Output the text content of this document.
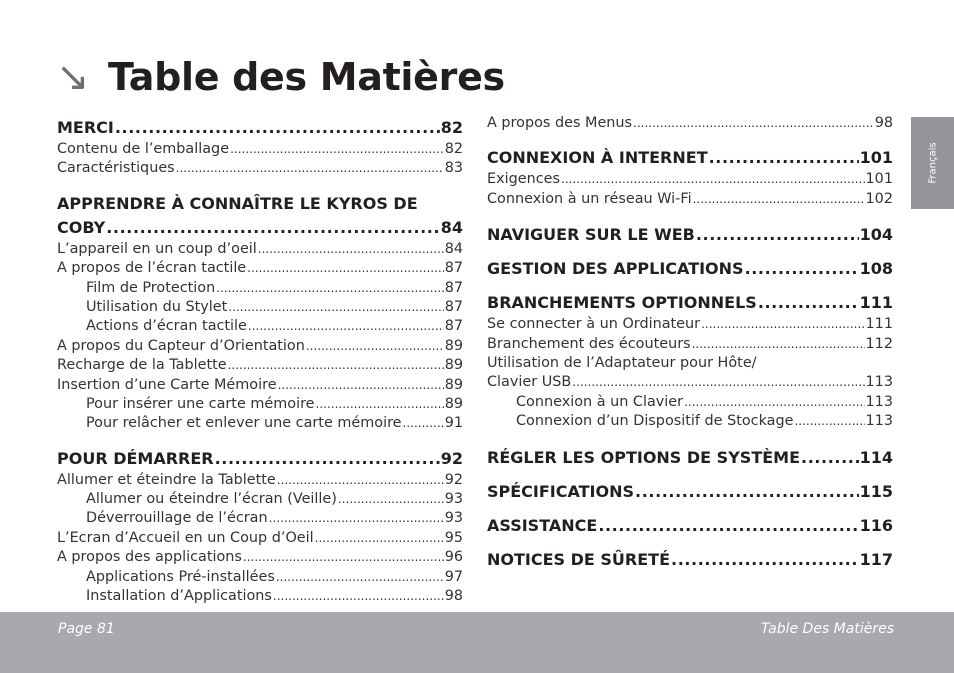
↘ Table des Matières
Français
MERCI .....	82
Contenu de l’emballage .....	82
Caractéristiques .....	83
APPRENDRE À CONNAÎTRE LE KYROS DE
COBY .....	84
L’appareil en un coup d’oeil .....	84
A propos de l’écran tactile .....	87
Film de Protection .....	87
Utilisation du Stylet .....	87
Actions d’écran tactile .....	87
A propos du Capteur d’Orientation .....	89
Recharge de la Tablette .....	89
Insertion d’une Carte Mémoire .....	89
Pour insérer une carte mémoire .....	89
Pour relâcher et enlever une carte mémoire .....	91
POUR DÉMARRER .....	92
Allumer et éteindre la Tablette .....	92
Allumer ou éteindre l’écran (Veille) .....	93
Déverrouillage de l’écran .....	93
L’Ecran d’Accueil en un Coup d’Oeil .....	95
A propos des applications .....	96
Applications Pré-installées .....	97
Installation d’Applications .....	98
A propos des Menus .....	98
CONNEXION À INTERNET .....	101
Exigences .....	101
Connexion à un réseau Wi-Fi .....	102
NAVIGUER SUR LE WEB .....	104
GESTION DES APPLICATIONS .....	108
BRANCHEMENTS OPTIONNELS .....	111
Se connecter à un Ordinateur .....	111
Branchement des écouteurs .....	112
Utilisation de l’Adaptateur pour Hôte/
Clavier USB .....	113
Connexion à un Clavier .....	113
Connexion d’un Dispositif de Stockage .....	113
RÉGLER LES OPTIONS DE SYSTÈME .....	114
SPÉCIFICATIONS .....	115
ASSISTANCE .....	116
NOTICES DE SÛRETÉ .....	117
Page 81	Table Des Matières
